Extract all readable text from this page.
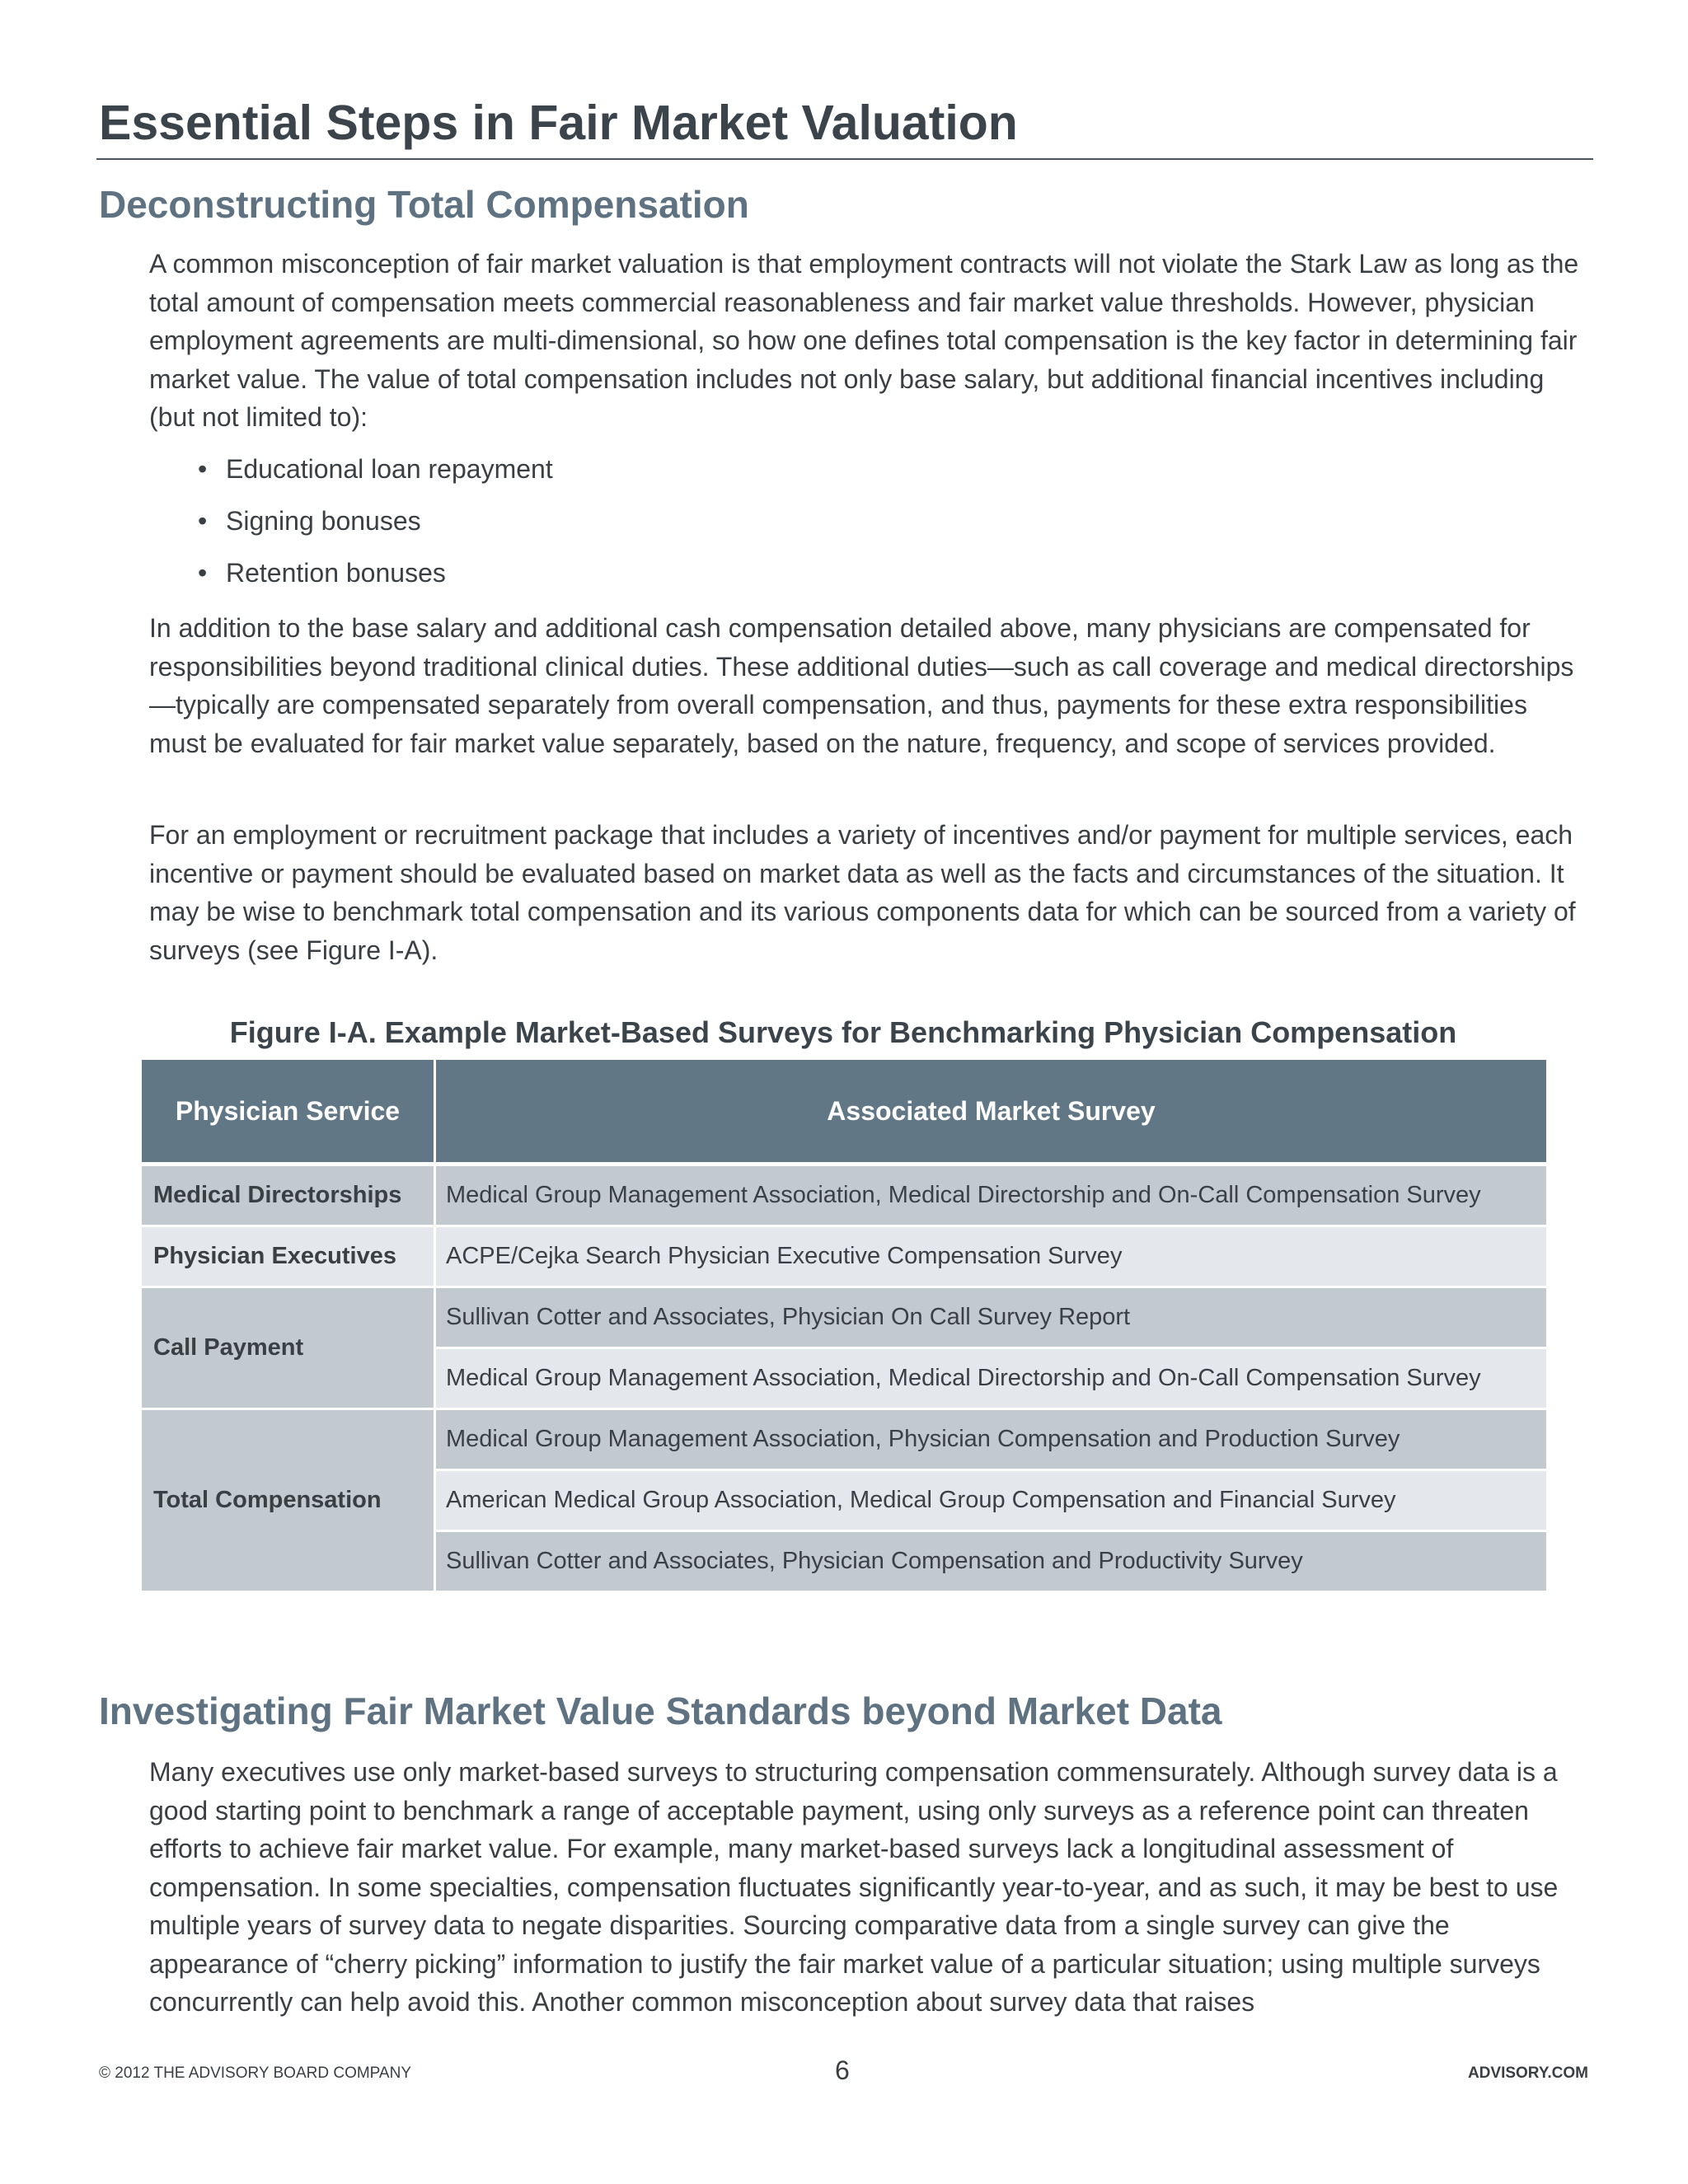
Essential Steps in Fair Market Valuation
Deconstructing Total Compensation

A common misconception of fair market valuation is that employment contracts will not violate the Stark Law as long as the total amount of compensation meets commercial reasonableness and fair market value thresholds. However, physician employment agreements are multi-dimensional, so how one defines total compensation is the key factor in determining fair market value. The value of total compensation includes not only base salary, but additional financial incentives including (but not limited to):

• Educational loan repayment
• Signing bonuses
• Retention bonuses

In addition to the base salary and additional cash compensation detailed above, many physicians are compensated for responsibilities beyond traditional clinical duties. These additional duties—such as call coverage and medical directorships—typically are compensated separately from overall compensation, and thus, payments for these extra responsibilities must be evaluated for fair market value separately, based on the nature, frequency, and scope of services provided.

For an employment or recruitment package that includes a variety of incentives and/or payment for multiple services, each incentive or payment should be evaluated based on market data as well as the facts and circumstances of the situation. It may be wise to benchmark total compensation and its various components data for which can be sourced from a variety of surveys (see Figure I-A).

Figure I-A. Example Market-Based Surveys for Benchmarking Physician Compensation
Physician Service	Associated Market Survey
Medical Directorships	Medical Group Management Association, Medical Directorship and On-Call Compensation Survey
Physician Executives	ACPE/Cejka Search Physician Executive Compensation Survey
Call Payment	Sullivan Cotter and Associates, Physician On Call Survey Report
	Medical Group Management Association, Medical Directorship and On-Call Compensation Survey
Total Compensation	Medical Group Management Association, Physician Compensation and Production Survey
	American Medical Group Association, Medical Group Compensation and Financial Survey
	Sullivan Cotter and Associates, Physician Compensation and Productivity Survey
Investigating Fair Market Value Standards beyond Market Data

Many executives use only market-based surveys to structuring compensation commensurately. Although survey data is a good starting point to benchmark a range of acceptable payment, using only surveys as a reference point can threaten efforts to achieve fair market value. For example, many market-based surveys lack a longitudinal assessment of compensation. In some specialties, compensation fluctuates significantly year-to-year, and as such, it may be best to use multiple years of survey data to negate disparities. Sourcing comparative data from a single survey can give the appearance of “cherry picking” information to justify the fair market value of a particular situation; using multiple surveys concurrently can help avoid this. Another common misconception about survey data that raises

© 2012 THE ADVISORY BOARD COMPANY	6	ADVISORY.COM
